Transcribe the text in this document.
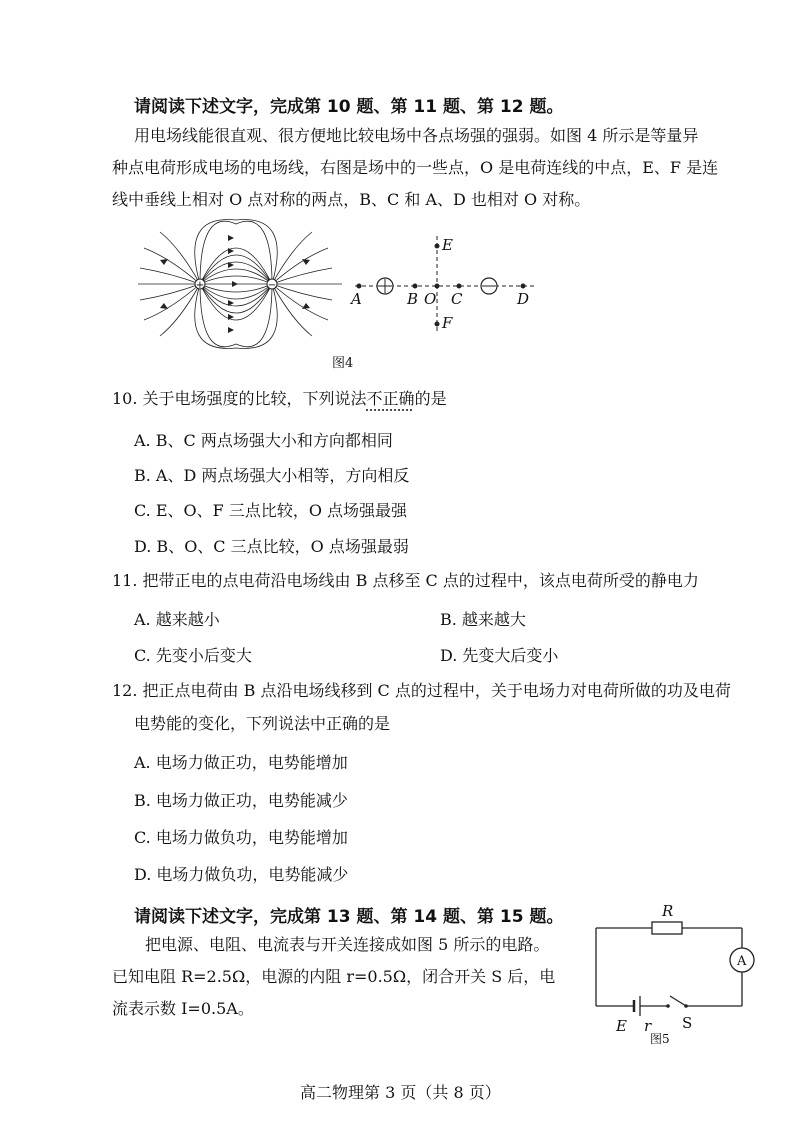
请阅读下述文字，完成第 10 题、第 11 题、第 12 题。
用电场线能很直观、很方便地比较电场中各点场强的强弱。如图 4 所示是等量异
种点电荷形成电场的电场线，右图是场中的一些点，O 是电荷连线的中点，E、F 是连
线中垂线上相对 O 点对称的两点，B、C 和 A、D 也相对 O 对称。
+	−
A	B O C	D
E
F
图4
10. 关于电场强度的比较，下列说法不正确的是
A. B、C 两点场强大小和方向都相同
B. A、D 两点场强大小相等，方向相反
C. E、O、F 三点比较，O 点场强最强
D. B、O、C 三点比较，O 点场强最弱
11. 把带正电的点电荷沿电场线由 B 点移至 C 点的过程中，该点电荷所受的静电力
A. 越来越小	B. 越来越大
C. 先变小后变大	D. 先变大后变小
12. 把正点电荷由 B 点沿电场线移到 C 点的过程中，关于电场力对电荷所做的功及电荷
电势能的变化，下列说法中正确的是
A. 电场力做正功，电势能增加
B. 电场力做正功，电势能减少
C. 电场力做负功，电势能增加
D. 电场力做负功，电势能减少
请阅读下述文字，完成第 13 题、第 14 题、第 15 题。
把电源、电阻、电流表与开关连接成如图 5 所示的电路。
已知电阻 R=2.5Ω，电源的内阻 r=0.5Ω，闭合开关 S 后，电
流表示数 I=0.5A。
R
E r
A
S
图5
高二物理第 3 页（共 8 页）
